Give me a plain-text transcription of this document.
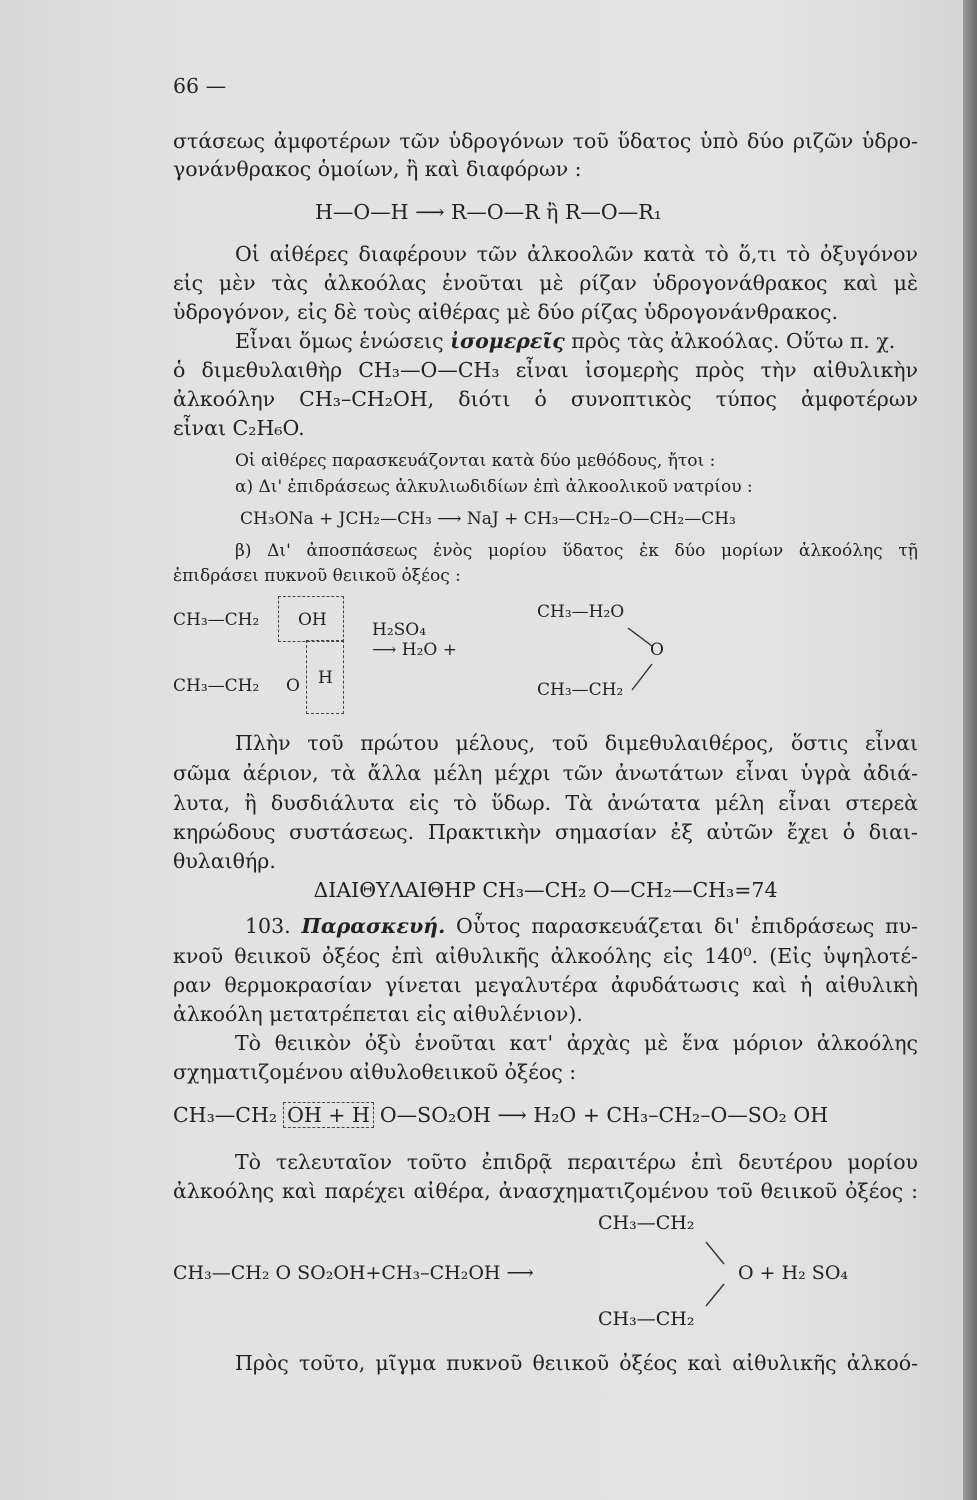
66 —
στάσεως ἀμφοτέρων τῶν ὑδρογόνων τοῦ ὕδατος ὑπὸ δύο ριζῶν ὑδρο-
γονάνθρακος ὁμοίων, ἢ καὶ διαφόρων :
H—O—H ⟶ R—O—R ἢ R—O—R₁
Οἱ αἰθέρες διαφέρουν τῶν ἀλκοολῶν κατὰ τὸ ὅ,τι τὸ ὀξυγόνον
εἰς μὲν τὰς ἀλκοόλας ἑνοῦται μὲ ρίζαν ὑδρογονάθρακος καὶ μὲ
ὑδρογόνον, εἰς δὲ τοὺς αἰθέρας μὲ δύο ρίζας ὑδρογονάνθρακος.
Εἶναι ὅμως ἑνώσεις ἰσομερεῖς πρὸς τὰς ἀλκοόλας. Οὕτω π. χ.
ὁ διμεθυλαιθὴρ CH₃—O—CH₃ εἶναι ἰσομερὴς πρὸς τὴν αἰθυλικὴν
ἀλκοόλην CH₃–CH₂OH, διότι ὁ συνοπτικὸς τύπος ἀμφοτέρων
εἶναι C₂H₆O.
Οἱ αἰθέρες παρασκευάζονται κατὰ δύο μεθόδους, ἤτοι :
α) Δι' ἐπιδράσεως ἀλκυλιωδιδίων ἐπὶ ἀλκοολικοῦ νατρίου :
CH₃ONa + JCH₂—CH₃ ⟶ NaJ + CH₃—CH₂–O—CH₂—CH₃
β) Δι' ἀποσπάσεως ἑνὸς μορίου ὕδατος ἐκ δύο μορίων ἀλκοόλης τῇ
ἐπιδράσει πυκνοῦ θειικοῦ ὀξέος :
CH₃—CH₂ OH
CH₃—CH₂ O H
H₂SO₄
⟶ H₂O +
CH₃—H₂O
O
CH₃—CH₂
Πλὴν τοῦ πρώτου μέλους, τοῦ διμεθυλαιθέρος, ὅστις εἶναι
σῶμα ἀέριον, τὰ ἄλλα μέλη μέχρι τῶν ἀνωτάτων εἶναι ὑγρὰ ἀδιά-
λυτα, ἢ δυσδιάλυτα εἰς τὸ ὕδωρ. Τὰ ἀνώτατα μέλη εἶναι στερεὰ
κηρώδους συστάσεως. Πρακτικὴν σημασίαν ἐξ αὐτῶν ἔχει ὁ διαι-
θυλαιθήρ.
ΔΙΑΙΘΥΛΑΙΘΗΡ CH₃—CH₂ O—CH₂—CH₃=74
103. Παρασκευή. Οὗτος παρασκευάζεται δι' ἐπιδράσεως πυ-
κνοῦ θειικοῦ ὀξέος ἐπὶ αἰθυλικῆς ἀλκοόλης εἰς 140⁰. (Εἰς ὑψηλοτέ-
ραν θερμοκρασίαν γίνεται μεγαλυτέρα ἀφυδάτωσις καὶ ἡ αἰθυλικὴ
ἀλκοόλη μετατρέπεται εἰς αἰθυλένιον).
Τὸ θειικὸν ὀξὺ ἑνοῦται κατ' ἀρχὰς μὲ ἕνα μόριον ἀλκοόλης
σχηματιζομένου αἰθυλοθειικοῦ ὀξέος :
CH₃—CH₂ OH + H O—SO₂OH ⟶ H₂O + CH₃–CH₂–O—SO₂ OH
Τὸ τελευταῖον τοῦτο ἐπιδρᾷ περαιτέρω ἐπὶ δευτέρου μορίου
ἀλκοόλης καὶ παρέχει αἰθέρα, ἀνασχηματιζομένου τοῦ θειικοῦ ὀξέος :
CH₃—CH₂
CH₃—CH₂ O SO₂OH+CH₃–CH₂OH ⟶	O + H₂ SO₄
CH₃—CH₂
Πρὸς τοῦτο, μῖγμα πυκνοῦ θειικοῦ ὀξέος καὶ αἰθυλικῆς ἀλκοό-
